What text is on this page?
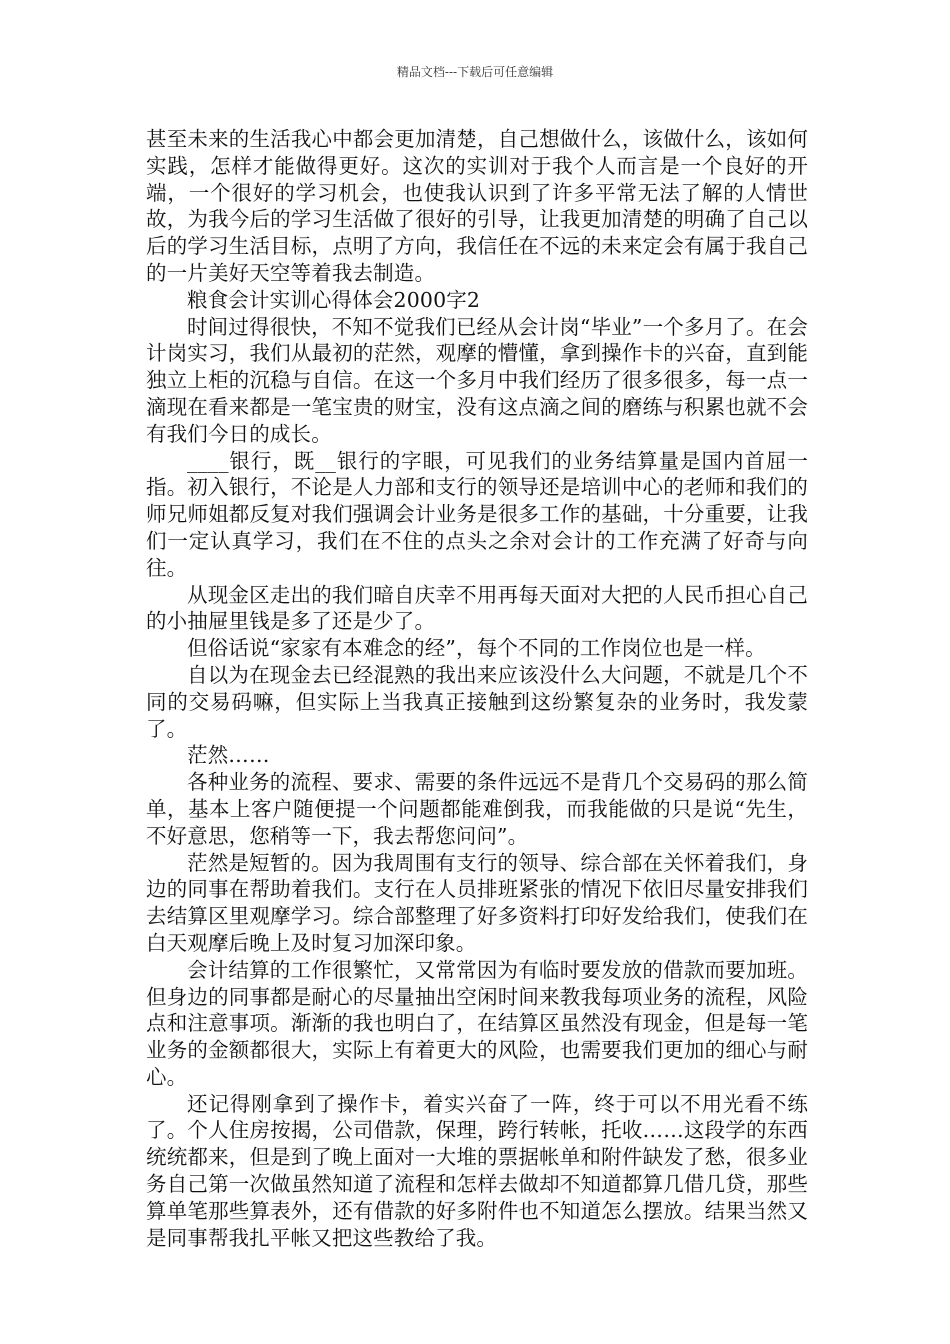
精品文档---下载后可任意编辑

甚至未来的生活我心中都会更加清楚，自己想做什么，该做什么，该如何实践，怎样才能做得更好。这次的实训对于我个人而言是一个良好的开端，一个很好的学习机会，也使我认识到了许多平常无法了解的人情世故，为我今后的学习生活做了很好的引导，让我更加清楚的明确了自己以后的学习生活目标，点明了方向，我信任在不远的未来定会有属于我自己的一片美好天空等着我去制造。

粮食会计实训心得体会2000字2

时间过得很快，不知不觉我们已经从会计岗“毕业”一个多月了。在会计岗实习，我们从最初的茫然，观摩的懵懂，拿到操作卡的兴奋，直到能独立上柜的沉稳与自信。在这一个多月中我们经历了很多很多，每一点一滴现在看来都是一笔宝贵的财宝，没有这点滴之间的磨练与积累也就不会有我们今日的成长。

____银行，既__银行的字眼，可见我们的业务结算量是国内首屈一指。初入银行，不论是人力部和支行的领导还是培训中心的老师和我们的师兄师姐都反复对我们强调会计业务是很多工作的基础，十分重要，让我们一定认真学习，我们在不住的点头之余对会计的工作充满了好奇与向往。

从现金区走出的我们暗自庆幸不用再每天面对大把的人民币担心自己的小抽屉里钱是多了还是少了。

但俗话说“家家有本难念的经”，每个不同的工作岗位也是一样。

自以为在现金去已经混熟的我出来应该没什么大问题，不就是几个不同的交易码嘛，但实际上当我真正接触到这纷繁复杂的业务时，我发蒙了。

茫然……

各种业务的流程、要求、需要的条件远远不是背几个交易码的那么简单，基本上客户随便提一个问题都能难倒我，而我能做的只是说“先生，不好意思，您稍等一下，我去帮您问问”。

茫然是短暂的。因为我周围有支行的领导、综合部在关怀着我们，身边的同事在帮助着我们。支行在人员排班紧张的情况下依旧尽量安排我们去结算区里观摩学习。综合部整理了好多资料打印好发给我们，使我们在白天观摩后晚上及时复习加深印象。

会计结算的工作很繁忙，又常常因为有临时要发放的借款而要加班。但身边的同事都是耐心的尽量抽出空闲时间来教我每项业务的流程，风险点和注意事项。渐渐的我也明白了，在结算区虽然没有现金，但是每一笔业务的金额都很大，实际上有着更大的风险，也需要我们更加的细心与耐心。

还记得刚拿到了操作卡，着实兴奋了一阵，终于可以不用光看不练了。个人住房按揭，公司借款，保理，跨行转帐，托收……这段学的东西统统都来，但是到了晚上面对一大堆的票据帐单和附件缺发了愁，很多业务自己第一次做虽然知道了流程和怎样去做却不知道都算几借几贷，那些算单笔那些算表外，还有借款的好多附件也不知道怎么摆放。结果当然又是同事帮我扎平帐又把这些教给了我。
